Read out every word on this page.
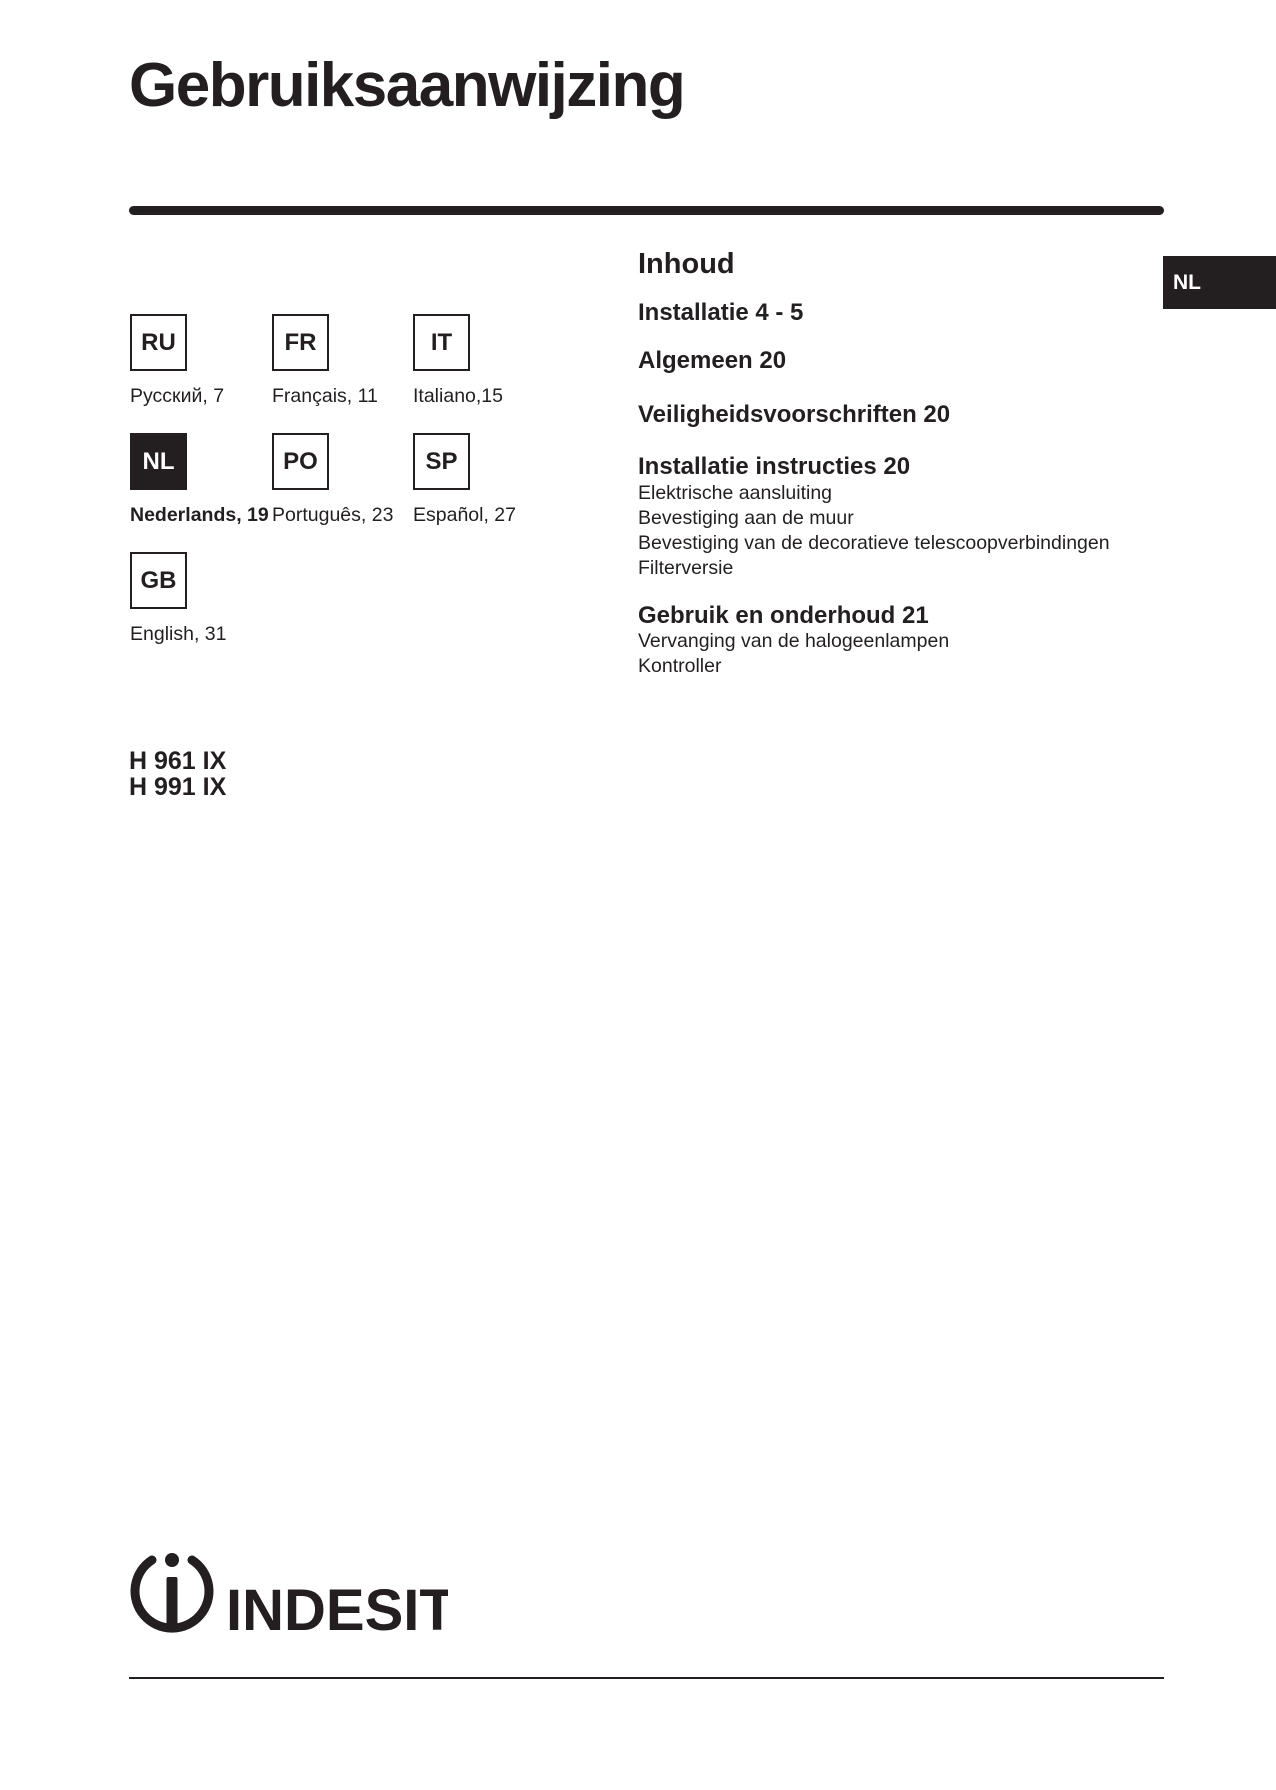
Gebruiksaanwijzing
NL
RU
Русский, 7
FR
Français, 11
IT
Italiano,15
NL
Nederlands, 19
PO
Português, 23
SP
Español, 27
GB
English, 31
H 961 IX
H 991 IX
Inhoud
Installatie 4 - 5
Algemeen 20
Veiligheidsvoorschriften 20
Installatie instructies 20
Elektrische aansluiting
Bevestiging aan de muur
Bevestiging van de decoratieve telescoopverbindingen
Filterversie
Gebruik en onderhoud 21
Vervanging van de halogeenlampen
Kontroller
INDESIT
